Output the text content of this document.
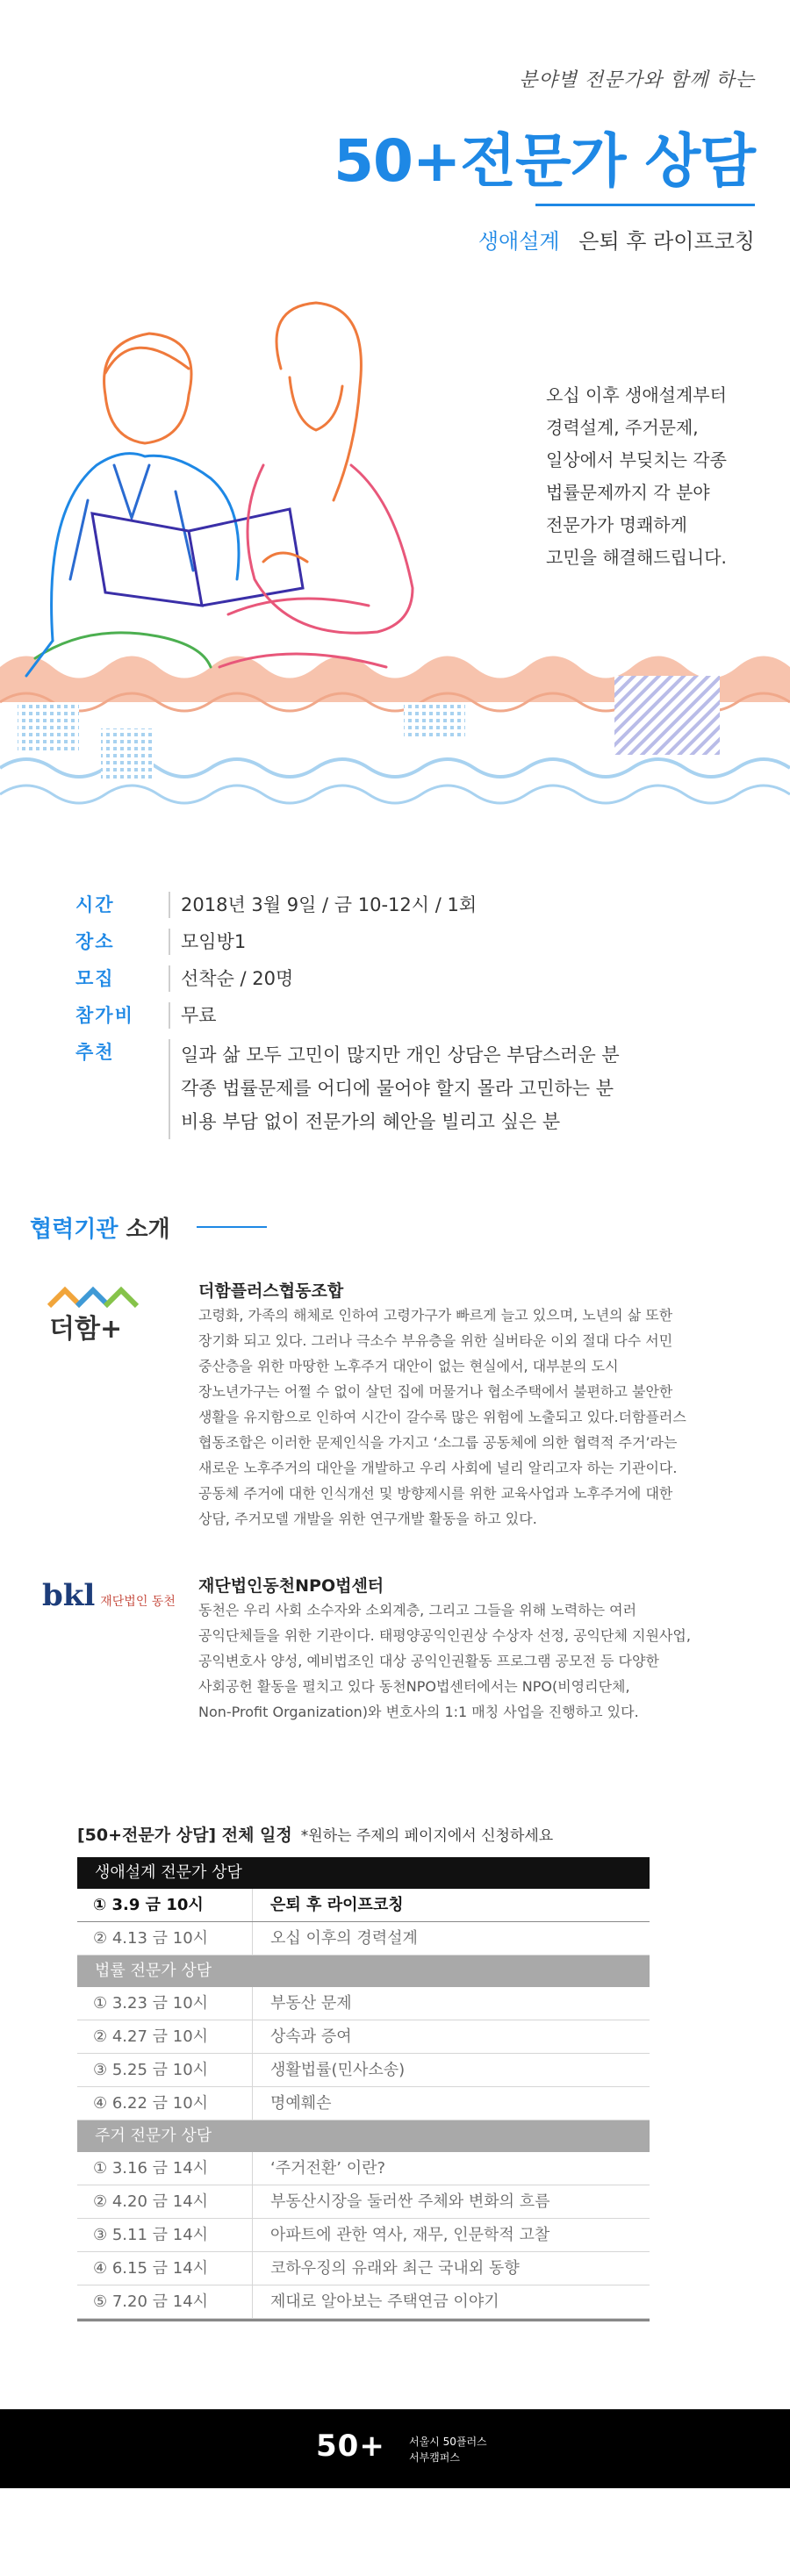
분야별 전문가와 함께 하는
50+전문가 상담
생애설계 은퇴 후 라이프코칭
오십 이후 생애설계부터
경력설계, 주거문제,
일상에서 부딪치는 각종
법률문제까지 각 분야
전문가가 명쾌하게
고민을 해결해드립니다.
시간	2018년 3월 9일 / 금 10-12시 / 1회
장소	모임방1
모집	선착순 / 20명
참가비	무료
추천	일과 삶 모두 고민이 많지만 개인 상담은 부담스러운 분
각종 법률문제를 어디에 물어야 할지 몰라 고민하는 분
비용 부담 없이 전문가의 혜안을 빌리고 싶은 분
협력기관 소개
더함+
더함플러스협동조합
고령화, 가족의 해체로 인하여 고령가구가 빠르게 늘고 있으며, 노년의 삶 또한
장기화 되고 있다. 그러나 극소수 부유층을 위한 실버타운 이외 절대 다수 서민
중산층을 위한 마땅한 노후주거 대안이 없는 현실에서, 대부분의 도시
장노년가구는 어쩔 수 없이 살던 집에 머물거나 협소주택에서 불편하고 불안한
생활을 유지함으로 인하여 시간이 갈수록 많은 위험에 노출되고 있다.더함플러스
협동조합은 이러한 문제인식을 가지고 ‘소그룹 공동체에 의한 협력적 주거’라는
새로운 노후주거의 대안을 개발하고 우리 사회에 널리 알리고자 하는 기관이다.
공동체 주거에 대한 인식개선 및 방향제시를 위한 교육사업과 노후주거에 대한
상담, 주거모델 개발을 위한 연구개발 활동을 하고 있다.
bkl 재단법인 동천
재단법인동천NPO법센터
동천은 우리 사회 소수자와 소외계층, 그리고 그들을 위해 노력하는 여러
공익단체들을 위한 기관이다. 태평양공익인권상 수상자 선정, 공익단체 지원사업,
공익변호사 양성, 예비법조인 대상 공익인권활동 프로그램 공모전 등 다양한
사회공헌 활동을 펼치고 있다 동천NPO법센터에서는 NPO(비영리단체,
Non-Profit Organization)와 변호사의 1:1 매칭 사업을 진행하고 있다.
[50+전문가 상담] 전체 일정 *원하는 주제의 페이지에서 신청하세요
생애설계 전문가 상담
① 3.9 금 10시	은퇴 후 라이프코칭
② 4.13 금 10시	오십 이후의 경력설계
법률 전문가 상담
① 3.23 금 10시	부동산 문제
② 4.27 금 10시	상속과 증여
③ 5.25 금 10시	생활법률(민사소송)
④ 6.22 금 10시	명예훼손
주거 전문가 상담
① 3.16 금 14시	‘주거전환’ 이란?
② 4.20 금 14시	부동산시장을 둘러싼 주체와 변화의 흐름
③ 5.11 금 14시	아파트에 관한 역사, 재무, 인문학적 고찰
④ 6.15 금 14시	코하우징의 유래와 최근 국내외 동향
⑤ 7.20 금 14시	제대로 알아보는 주택연금 이야기
50+ 서울시 50플러스
서부캠퍼스
